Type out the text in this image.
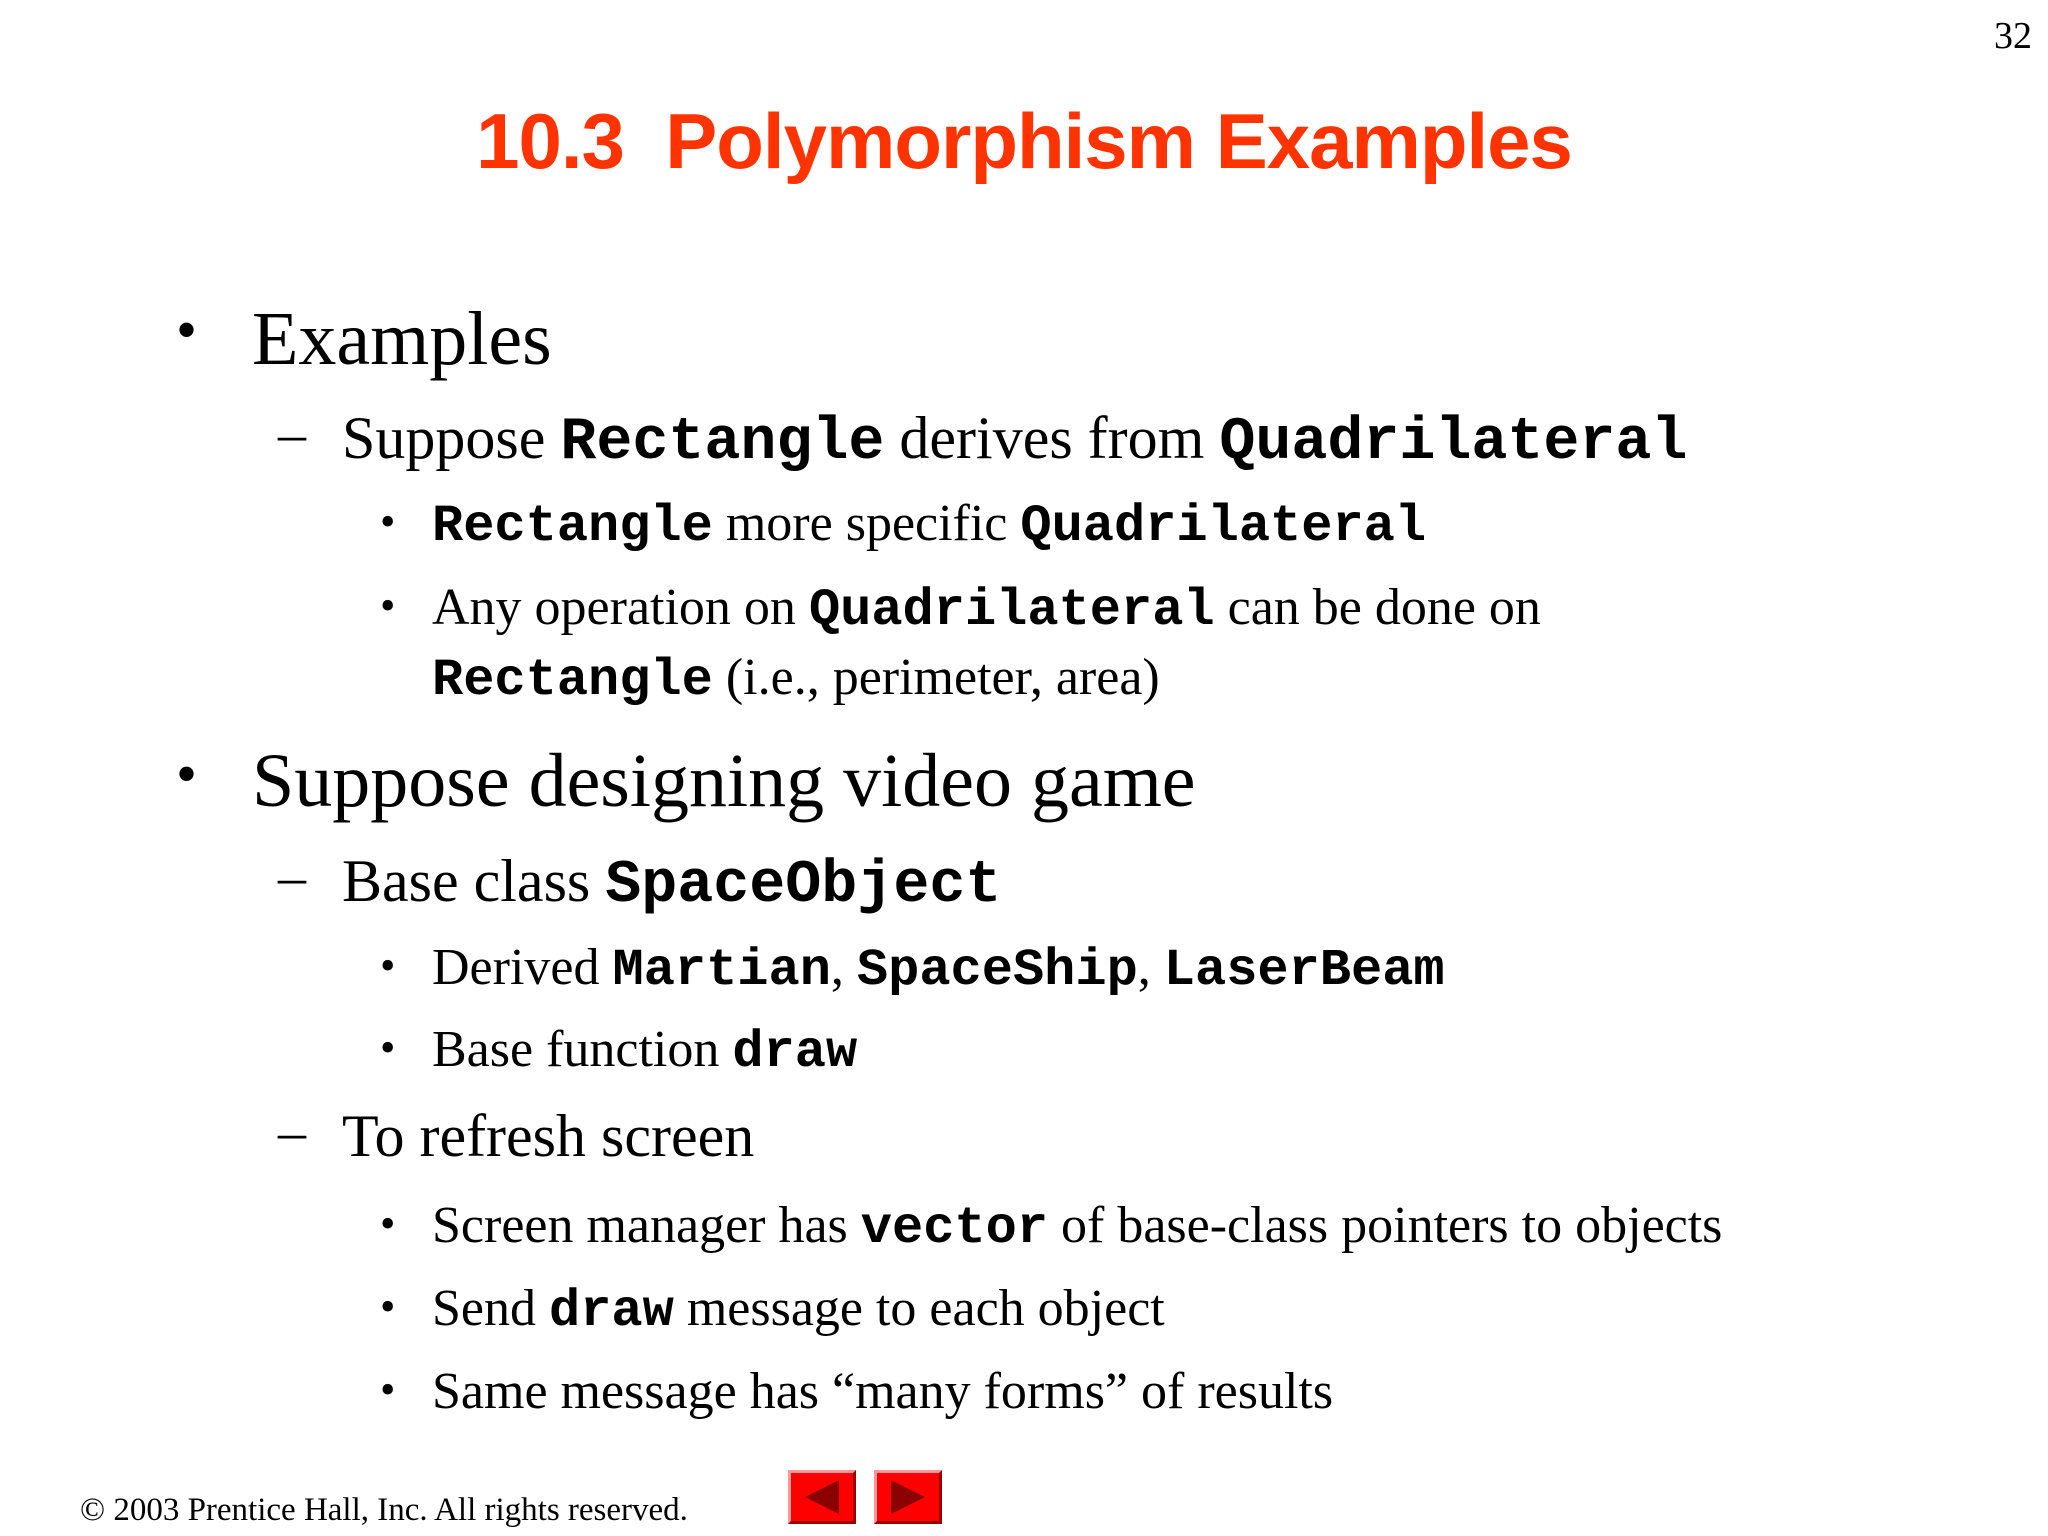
32
10.3  Polymorphism Examples
• Examples
– Suppose Rectangle derives from Quadrilateral
• Rectangle more specific Quadrilateral
• Any operation on Quadrilateral can be done on
Rectangle (i.e., perimeter, area)
• Suppose designing video game
– Base class SpaceObject
• Derived Martian, SpaceShip, LaserBeam
• Base function draw
– To refresh screen
• Screen manager has vector of base-class pointers to objects
• Send draw message to each object
• Same message has “many forms” of results
© 2003 Prentice Hall, Inc. All rights reserved.
